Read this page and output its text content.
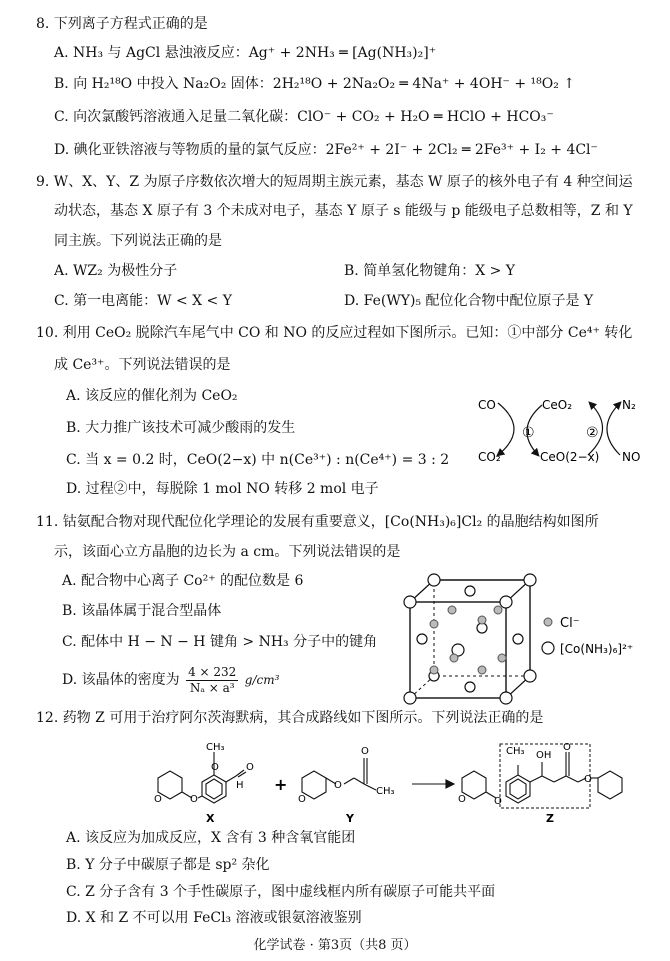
8. 下列离子方程式正确的是
A. NH₃ 与 AgCl 悬浊液反应：Ag⁺ + 2NH₃ ═ [Ag(NH₃)₂]⁺
B. 向 H₂¹⁸O 中投入 Na₂O₂ 固体：2H₂¹⁸O + 2Na₂O₂ ═ 4Na⁺ + 4OH⁻ + ¹⁸O₂ ↑
C. 向次氯酸钙溶液通入足量二氧化碳：ClO⁻ + CO₂ + H₂O ═ HClO + HCO₃⁻
D. 碘化亚铁溶液与等物质的量的氯气反应：2Fe²⁺ + 2I⁻ + 2Cl₂ ═ 2Fe³⁺ + I₂ + 4Cl⁻
9. W、X、Y、Z 为原子序数依次增大的短周期主族元素，基态 W 原子的核外电子有 4 种空间运
动状态，基态 X 原子有 3 个未成对电子，基态 Y 原子 s 能级与 p 能级电子总数相等，Z 和 Y
同主族。下列说法正确的是
A. WZ₂ 为极性分子	B. 简单氢化物键角：X > Y
C. 第一电离能：W < X < Y	D. Fe(WY)₅ 配位化合物中配位原子是 Y
10. 利用 CeO₂ 脱除汽车尾气中 CO 和 NO 的反应过程如下图所示。已知：①中部分 Ce⁴⁺ 转化
成 Ce³⁺。下列说法错误的是
A. 该反应的催化剂为 CeO₂
B. 大力推广该技术可减少酸雨的发生
C. 当 x = 0.2 时，CeO(2−x) 中 n(Ce³⁺) : n(Ce⁴⁺) = 3 : 2
D. 过程②中，每脱除 1 mol NO 转移 2 mol 电子
CO	CeO₂	N₂
CO₂	CeO(2−x) NO
①	②
11. 钴氨配合物对现代配位化学理论的发展有重要意义，[Co(NH₃)₆]Cl₂ 的晶胞结构如图所
示，该面心立方晶胞的边长为 a cm。下列说法错误的是
A. 配合物中心离子 Co²⁺ 的配位数是 6
B. 该晶体属于混合型晶体
C. 配体中 H − N − H 键角 > NH₃ 分子中的键角
D. 该晶体的密度为 $\frac{4 \times 232}{\text{Nₐ × a³}} g/cm^3$
Cl⁻
[Co(NH₃)₆]²⁺
12. 药物 Z 可用于治疗阿尔茨海默病，其合成路线如下图所示。下列说法正确的是
CH₃
O
O
O
H
O
O
O
CH₃
O
CH₃ OH
O
O
O	O
X	Y	Z
+
A. 该反应为加成反应，X 含有 3 种含氧官能团
B. Y 分子中碳原子都是 sp² 杂化
C. Z 分子含有 3 个手性碳原子，图中虚线框内所有碳原子可能共平面
D. X 和 Z 不可以用 FeCl₃ 溶液或银氨溶液鉴别
化学试卷 · 第3页（共8 页）
